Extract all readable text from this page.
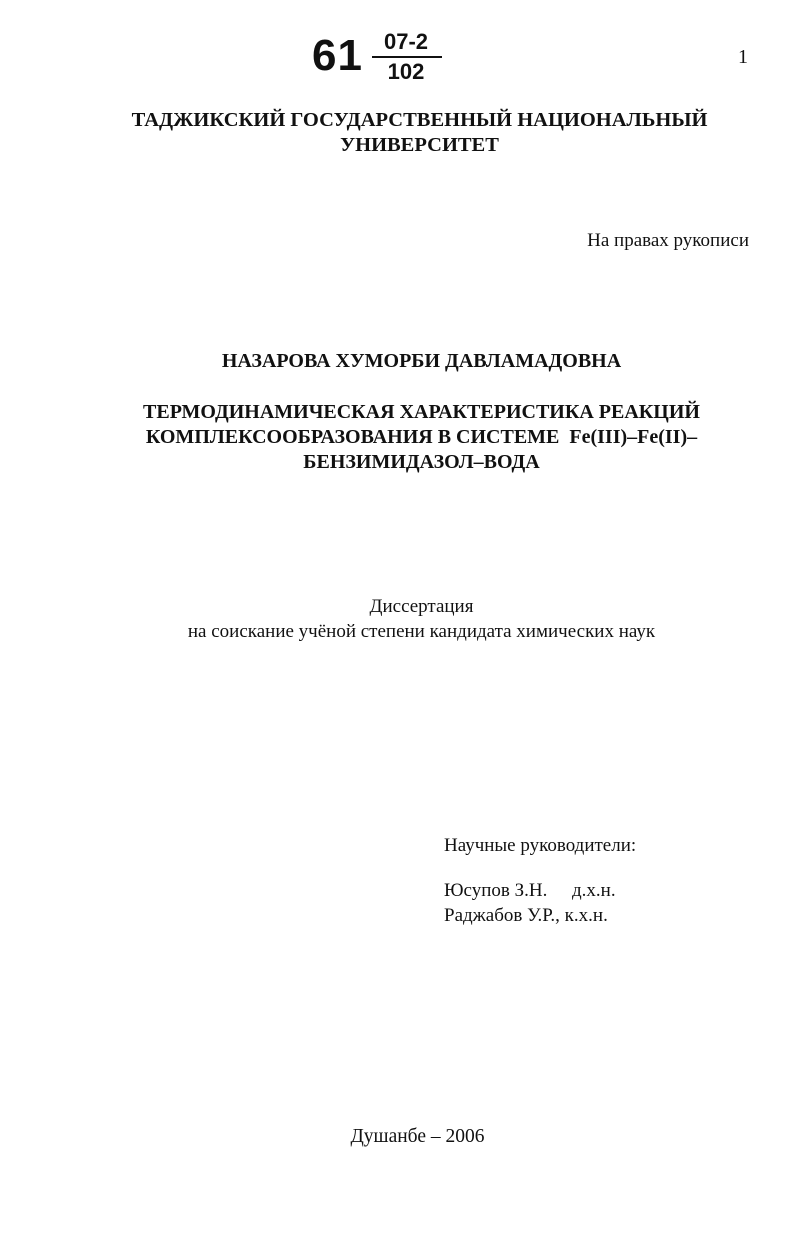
61 07-2
102
1
ТАДЖИКСКИЙ ГОСУДАРСТВЕННЫЙ НАЦИОНАЛЬНЫЙ
УНИВЕРСИТЕТ
На правах рукописи
НАЗАРОВА ХУМОРБИ ДАВЛАМАДОВНА
ТЕРМОДИНАМИЧЕСКАЯ ХАРАКТЕРИСТИКА РЕАКЦИЙ
КОМПЛЕКСООБРАЗОВАНИЯ В СИСТЕМЕ  Fe(III)–Fe(II)–
БЕНЗИМИДАЗОЛ–ВОДА
Диссертация
на соискание учёной степени кандидата химических наук
Научные руководители:
Юсупов З.Н. д.х.н.
Раджабов У.Р., к.х.н.
Душанбе – 2006
